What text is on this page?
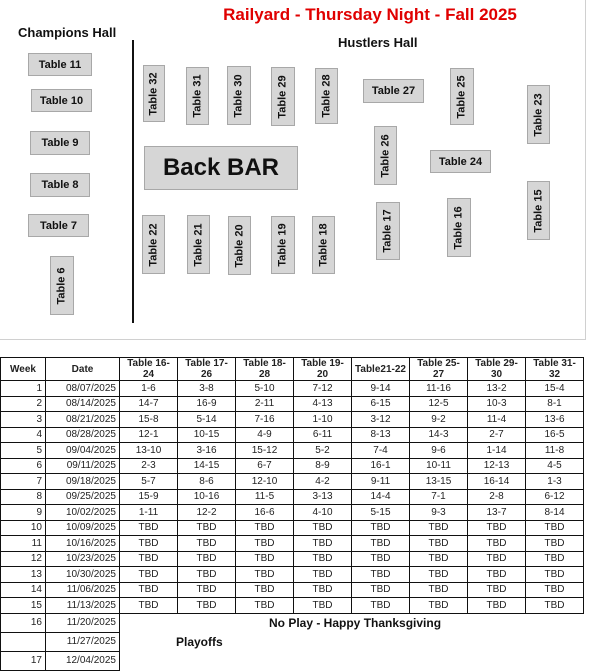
Railyard - Thursday Night - Fall 2025
Champions Hall
Hustlers Hall
Table 11
Table 10
Table 9
Table 8
Table 7
Table 6
Table 32	Table 31	Table 30	Table 29	Table 28
Back BAR
Table 22	Table 21	Table 20	Table 19	Table 18
Table 27	Table 25	Table 23
Table 26	Table 24
Table 17	Table 16	Table 15
Week	Date	Table 16-24	Table 17-26	Table 18-28	Table 19-20	Table21-22	Table 25-27	Table 29-30	Table 31-32
1	08/07/2025	1-6	3-8	5-10	7-12	9-14	11-16	13-2	15-4
2	08/14/2025	14-7	16-9	2-11	4-13	6-15	12-5	10-3	8-1
3	08/21/2025	15-8	5-14	7-16	1-10	3-12	9-2	11-4	13-6
4	08/28/2025	12-1	10-15	4-9	6-11	8-13	14-3	2-7	16-5
5	09/04/2025	13-10	3-16	15-12	5-2	7-4	9-6	1-14	11-8
6	09/11/2025	2-3	14-15	6-7	8-9	16-1	10-11	12-13	4-5
7	09/18/2025	5-7	8-6	12-10	4-2	9-11	13-15	16-14	1-3
8	09/25/2025	15-9	10-16	11-5	3-13	14-4	7-1	2-8	6-12
9	10/02/2025	1-11	12-2	16-6	4-10	5-15	9-3	13-7	8-14
10	10/09/2025	TBD	TBD	TBD	TBD	TBD	TBD	TBD	TBD
11	10/16/2025	TBD	TBD	TBD	TBD	TBD	TBD	TBD	TBD
12	10/23/2025	TBD	TBD	TBD	TBD	TBD	TBD	TBD	TBD
13	10/30/2025	TBD	TBD	TBD	TBD	TBD	TBD	TBD	TBD
14	11/06/2025	TBD	TBD	TBD	TBD	TBD	TBD	TBD	TBD
15	11/13/2025	TBD	TBD	TBD	TBD	TBD	TBD	TBD	TBD
16	11/20/2025								
	11/27/2025								
17	12/04/2025								
No Play - Happy Thanksgiving
Playoffs
